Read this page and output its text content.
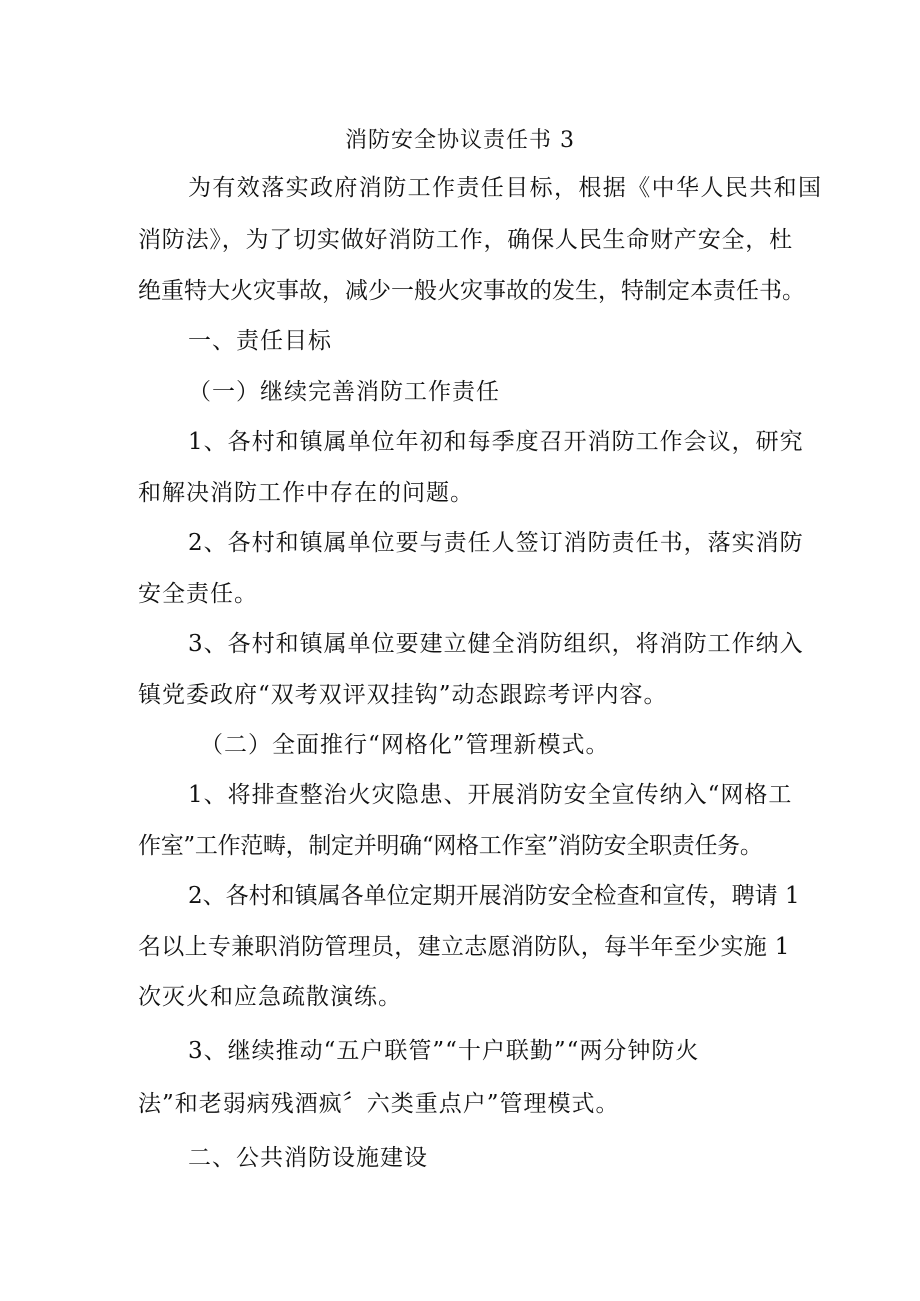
消防安全协议责任书 3
为有效落实政府消防工作责任目标，根据《中华人民共和国
消防法》，为了切实做好消防工作，确保人民生命财产安全，杜
绝重特大火灾事故，减少一般火灾事故的发生，特制定本责任书。
一、责任目标
（一）继续完善消防工作责任
1、各村和镇属单位年初和每季度召开消防工作会议，研究
和解决消防工作中存在的问题。
2、各村和镇属单位要与责任人签订消防责任书，落实消防
安全责任。
3、各村和镇属单位要建立健全消防组织，将消防工作纳入
镇党委政府“双考双评双挂钩”动态跟踪考评内容。
（二）全面推行“网格化”管理新模式。
1、将排查整治火灾隐患、开展消防安全宣传纳入“网格工
作室”工作范畴，制定并明确“网格工作室”消防安全职责任务。
2、各村和镇属各单位定期开展消防安全检查和宣传，聘请 1
名以上专兼职消防管理员，建立志愿消防队，每半年至少实施 1
次灭火和应急疏散演练。
3、继续推动“五户联管”“十户联勤”“两分钟防火
法”和老弱病残酒疯〞六类重点户”管理模式。
二、公共消防设施建设
